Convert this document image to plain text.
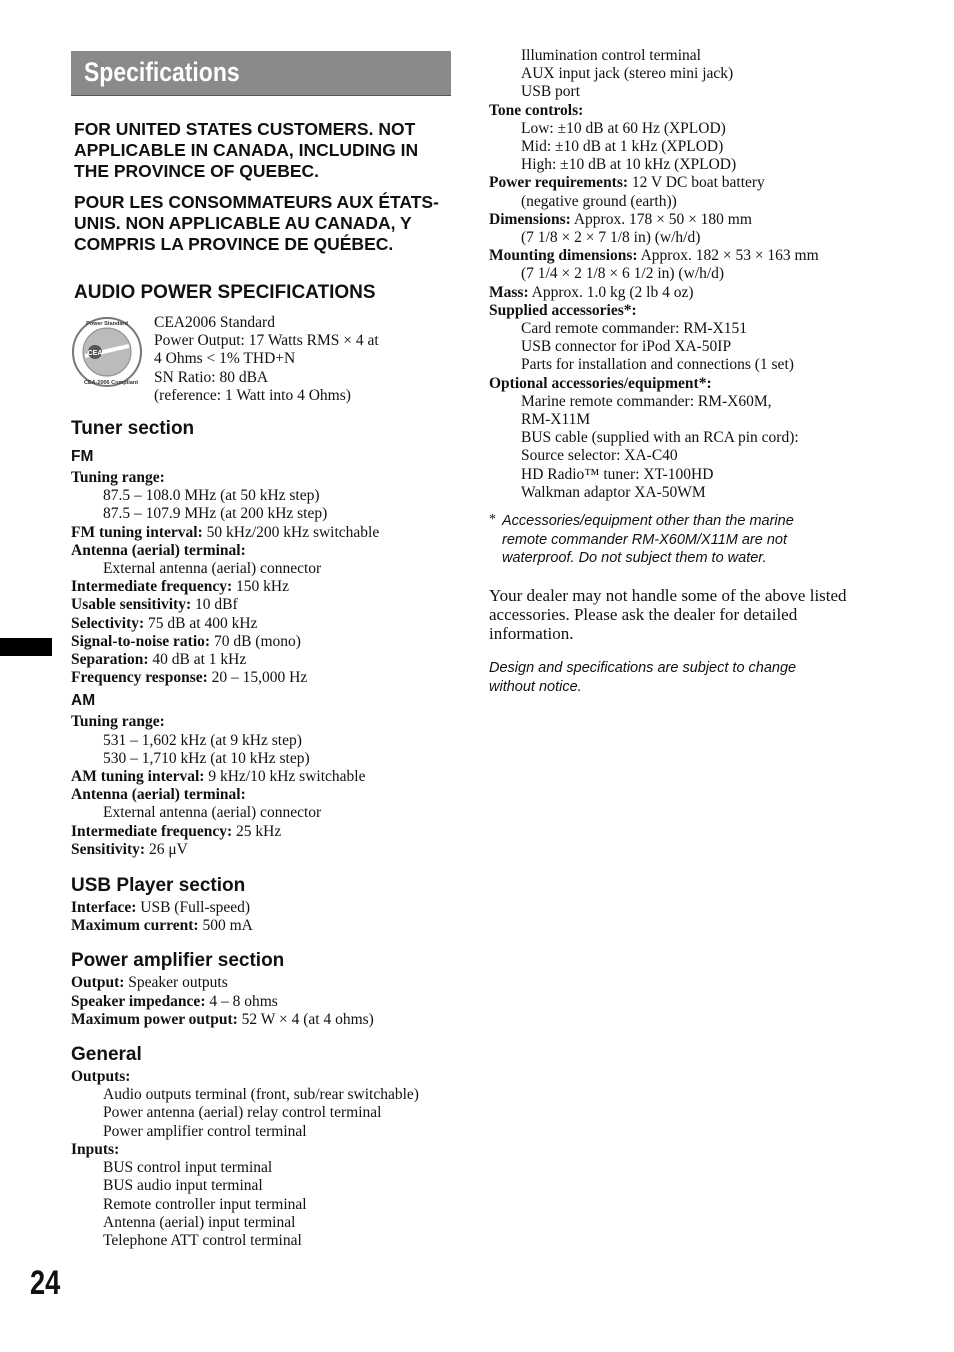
24
Specifications

FOR UNITED STATES CUSTOMERS. NOT APPLICABLE IN CANADA, INCLUDING IN THE PROVINCE OF QUEBEC.

POUR LES CONSOMMATEURS AUX ÉTATS-UNIS. NON APPLICABLE AU CANADA, Y COMPRIS LA PROVINCE DE QUÉBEC.

AUDIO POWER SPECIFICATIONS
CEA
Power Standard
CEA-2006 Compliant
CEA2006 Standard
Power Output: 17 Watts RMS × 4 at
4 Ohms < 1% THD+N
SN Ratio: 80 dBA
(reference: 1 Watt into 4 Ohms)
Tuner section
FM
Tuning range:
87.5 – 108.0 MHz (at 50 kHz step)
87.5 – 107.9 MHz (at 200 kHz step)
FM tuning interval: 50 kHz/200 kHz switchable
Antenna (aerial) terminal:
External antenna (aerial) connector
Intermediate frequency: 150 kHz
Usable sensitivity: 10 dBf
Selectivity: 75 dB at 400 kHz
Signal-to-noise ratio: 70 dB (mono)
Separation: 40 dB at 1 kHz
Frequency response: 20 – 15,000 Hz
AM
Tuning range:
531 – 1,602 kHz (at 9 kHz step)
530 – 1,710 kHz (at 10 kHz step)
AM tuning interval: 9 kHz/10 kHz switchable
Antenna (aerial) terminal:
External antenna (aerial) connector
Intermediate frequency: 25 kHz
Sensitivity: 26 μV
USB Player section
Interface: USB (Full-speed)
Maximum current: 500 mA
Power amplifier section
Output: Speaker outputs
Speaker impedance: 4 – 8 ohms
Maximum power output: 52 W × 4 (at 4 ohms)
General
Outputs:
Audio outputs terminal (front, sub/rear switchable)
Power antenna (aerial) relay control terminal
Power amplifier control terminal
Inputs:
BUS control input terminal
BUS audio input terminal
Remote controller input terminal
Antenna (aerial) input terminal
Telephone ATT control terminal
Illumination control terminal
AUX input jack (stereo mini jack)
USB port
Tone controls:
Low: ±10 dB at 60 Hz (XPLOD)
Mid: ±10 dB at 1 kHz (XPLOD)
High: ±10 dB at 10 kHz (XPLOD)
Power requirements: 12 V DC boat battery
(negative ground (earth))
Dimensions: Approx. 178 × 50 × 180 mm
(7 1/8 × 2 × 7 1/8 in) (w/h/d)
Mounting dimensions: Approx. 182 × 53 × 163 mm
(7 1/4 × 2 1/8 × 6 1/2 in) (w/h/d)
Mass: Approx. 1.0 kg (2 lb 4 oz)
Supplied accessories*:
Card remote commander: RM-X151
USB connector for iPod XA-50IP
Parts for installation and connections (1 set)
Optional accessories/equipment*:
Marine remote commander: RM-X60M,
RM-X11M
BUS cable (supplied with an RCA pin cord):
Source selector: XA-C40
HD Radio™ tuner: XT-100HD
Walkman adaptor XA-50WM
* Accessories/equipment other than the marine
remote commander RM-X60M/X11M are not
waterproof. Do not subject them to water.
Your dealer may not handle some of the above listed accessories. Please ask the dealer for detailed information.
Design and specifications are subject to change
without notice.
